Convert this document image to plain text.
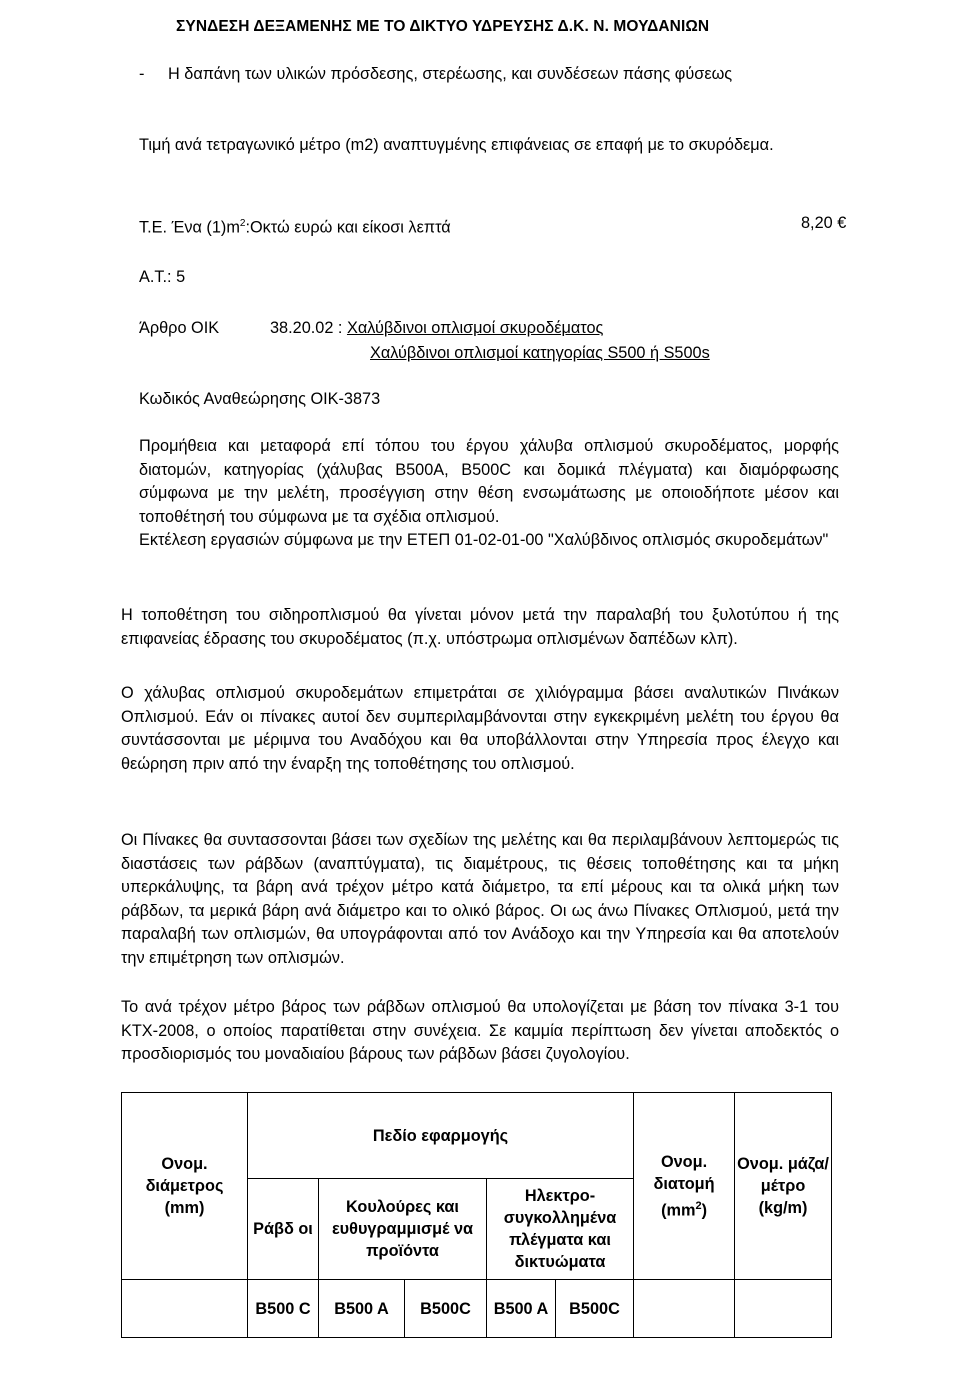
ΣΥΝΔΕΣΗ ΔΕΞΑΜΕΝΗΣ ΜΕ ΤΟ ΔΙΚΤΥΟ ΥΔΡΕΥΣΗΣ Δ.Κ. Ν. ΜΟΥΔΑΝΙΩΝ
- Η δαπάνη των υλικών πρόσδεσης, στερέωσης, και συνδέσεων πάσης φύσεως
Τιμή ανά τετραγωνικό μέτρο (m2) αναπτυγμένης επιφάνειας σε επαφή με το σκυρόδεμα.
Τ.Ε. Ένα $(1)m^2:O\kappa\tau ώ$ ευρώ και είκοσι λεπτά	8,20 €
Α.Τ.: 5
Άρθρο ΟΙΚ	38.20.02 : Χαλύβδινοι οπλισμοί σκυροδέματος
Χαλύβδινοι οπλισμοί κατηγορίας S500 ή S500s
Κωδικός Αναθεώρησης ΟΙΚ-3873
Προμήθεια και μεταφορά επί τόπου του έργου χάλυβα οπλισμού σκυροδέματος, μορφής διατομών, κατηγορίας (χάλυβας B500A, B500C και δομικά πλέγματα) και διαμόρφωσης σύμφωνα με την μελέτη, προσέγγιση στην θέση ενσωμάτωσης με οποιοδήποτε μέσον και τοποθέτησή του σύμφωνα με τα σχέδια οπλισμού.
Εκτέλεση εργασιών σύμφωνα με την ΕΤΕΠ 01-02-01-00 "Χαλύβδινος οπλισμός σκυροδεμάτων"
Η τοποθέτηση του σιδηροπλισμού θα γίνεται μόνον μετά την παραλαβή του ξυλοτύπου ή της επιφανείας έδρασης του σκυροδέματος (π.χ. υπόστρωμα οπλισμένων δαπέδων κλπ).
Ο χάλυβας οπλισμού σκυροδεμάτων επιμετράται σε χιλιόγραμμα βάσει αναλυτικών Πινάκων Οπλισμού. Εάν οι πίνακες αυτοί δεν συμπεριλαμβάνονται στην εγκεκριμένη μελέτη του έργου θα συντάσσονται με μέριμνα του Αναδόχου και θα υποβάλλονται στην Υπηρεσία προς έλεγχο και θεώρηση πριν από την έναρξη της τοποθέτησης του οπλισμού.
Οι Πίνακες θα συντασσονται βάσει των σχεδίων της μελέτης και θα περιλαμβάνουν λεπτομερώς τις διαστάσεις των ράβδων (αναπτύγματα), τις διαμέτρους, τις θέσεις τοποθέτησης και τα μήκη υπερκάλυψης, τα βάρη ανά τρέχον μέτρο κατά διάμετρο, τα επί μέρους και τα ολικά μήκη των ράβδων, τα μερικά βάρη ανά διάμετρο και το ολικό βάρος. Οι ως άνω Πίνακες Οπλισμού, μετά την παραλαβή των οπλισμών, θα υπογράφονται από τον Ανάδοχο και την Υπηρεσία και θα αποτελούν την επιμέτρηση των οπλισμών.
Το ανά τρέχον μέτρο βάρος των ράβδων οπλισμού θα υπολογίζεται με βάση τον πίνακα 3-1 του ΚΤΧ-2008, ο οποίος παρατίθεται στην συνέχεια. Σε καμμία περίπτωση δεν γίνεται αποδεκτός ο προσδιορισμός του μοναδιαίου βάρους των ράβδων βάσει ζυγολογίου.
Ονομ. διάμετρος (mm)	Πεδίο εφαρμογής					Ονομ. διατομή $(mm^2)$	Ονομ. μάζα/ μέτρο (kg/m)
	Ράβδ οι	Κουλούρες και ευθυγραμμισμέ να προϊόντα		Ηλεκτρο-συγκολλημένα πλέγματα και δικτυώματα			
	B500 C	B500 A	B500C	B500 A	B500C		
